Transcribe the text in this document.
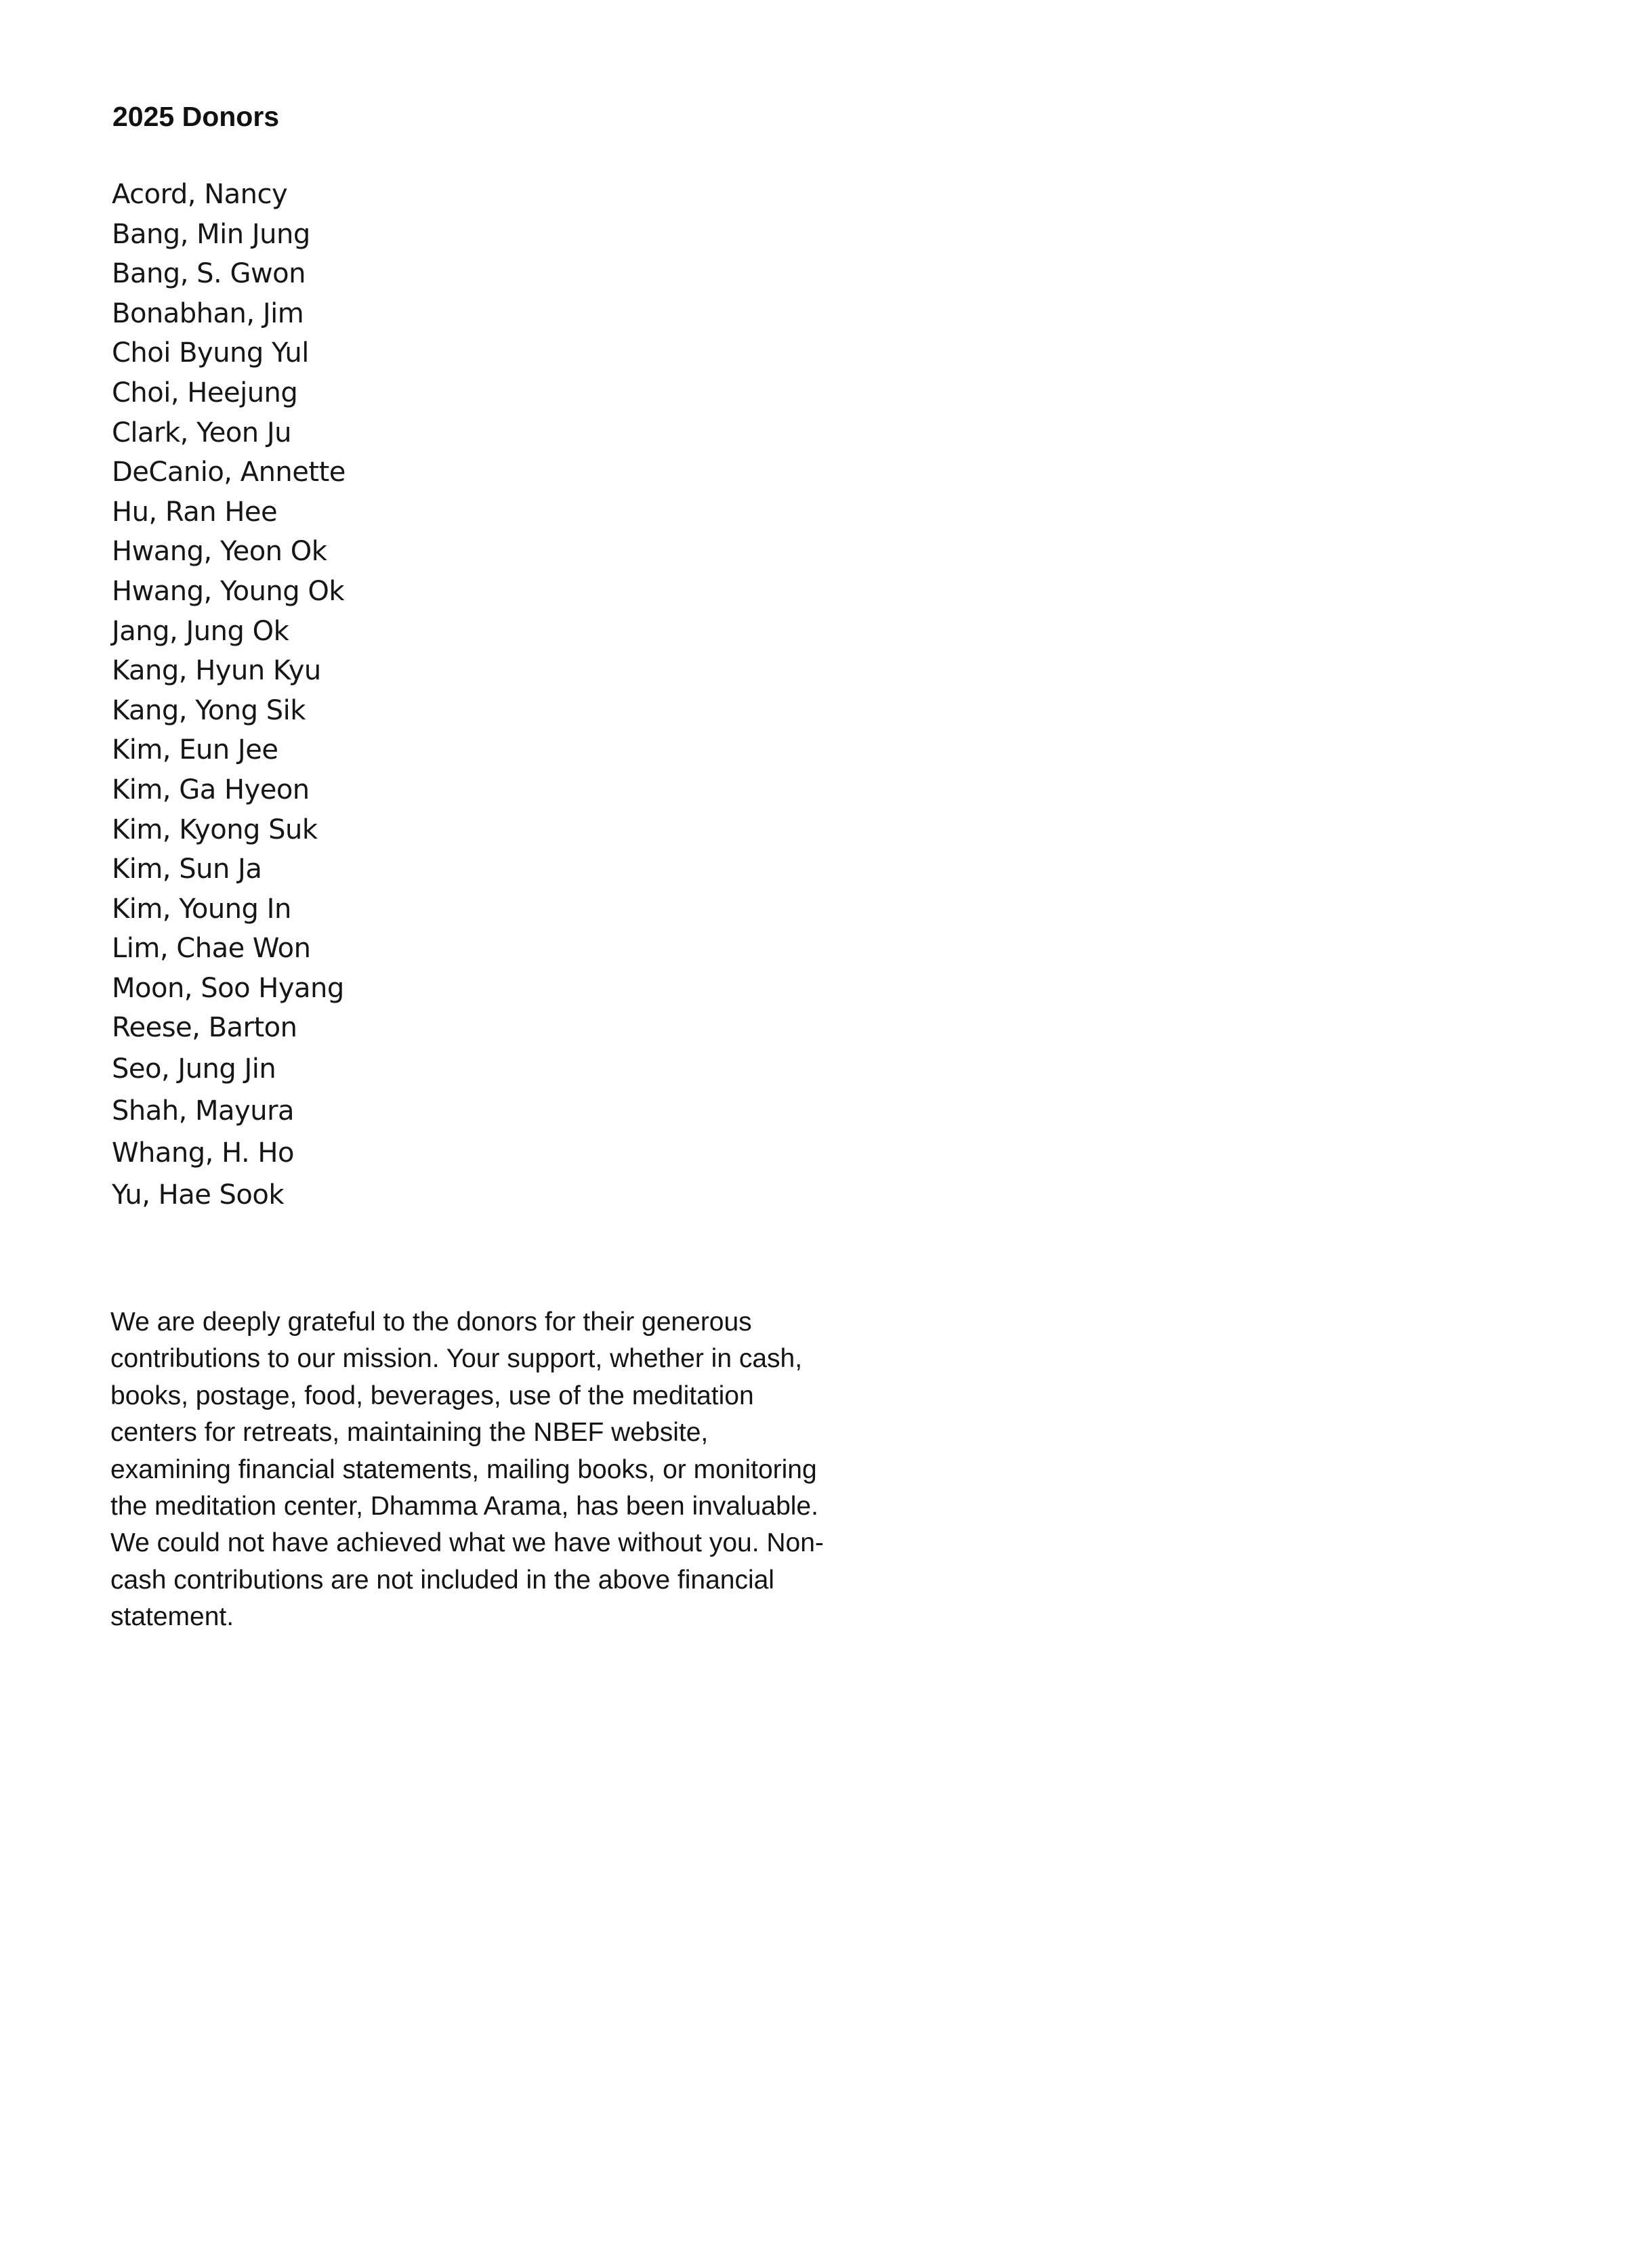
2025 Donors
Acord, Nancy
Bang, Min Jung
Bang, S. Gwon
Bonabhan, Jim
Choi Byung Yul
Choi, Heejung
Clark, Yeon Ju
DeCanio, Annette
Hu, Ran Hee
Hwang, Yeon Ok
Hwang, Young Ok
Jang, Jung Ok
Kang, Hyun Kyu
Kang, Yong Sik
Kim, Eun Jee
Kim, Ga Hyeon
Kim, Kyong Suk
Kim, Sun Ja
Kim, Young In
Lim, Chae Won
Moon, Soo Hyang
Reese, Barton
Seo, Jung Jin
Shah, Mayura
Whang, H. Ho
Yu, Hae Sook

We are deeply grateful to the donors for their generous contributions to our mission. Your support, whether in cash, books, postage, food, beverages, use of the meditation centers for retreats, maintaining the NBEF website, examining financial statements, mailing books, or monitoring the meditation center, Dhamma Arama, has been invaluable. We could not have achieved what we have without you. Non-cash contributions are not included in the above financial statement.
